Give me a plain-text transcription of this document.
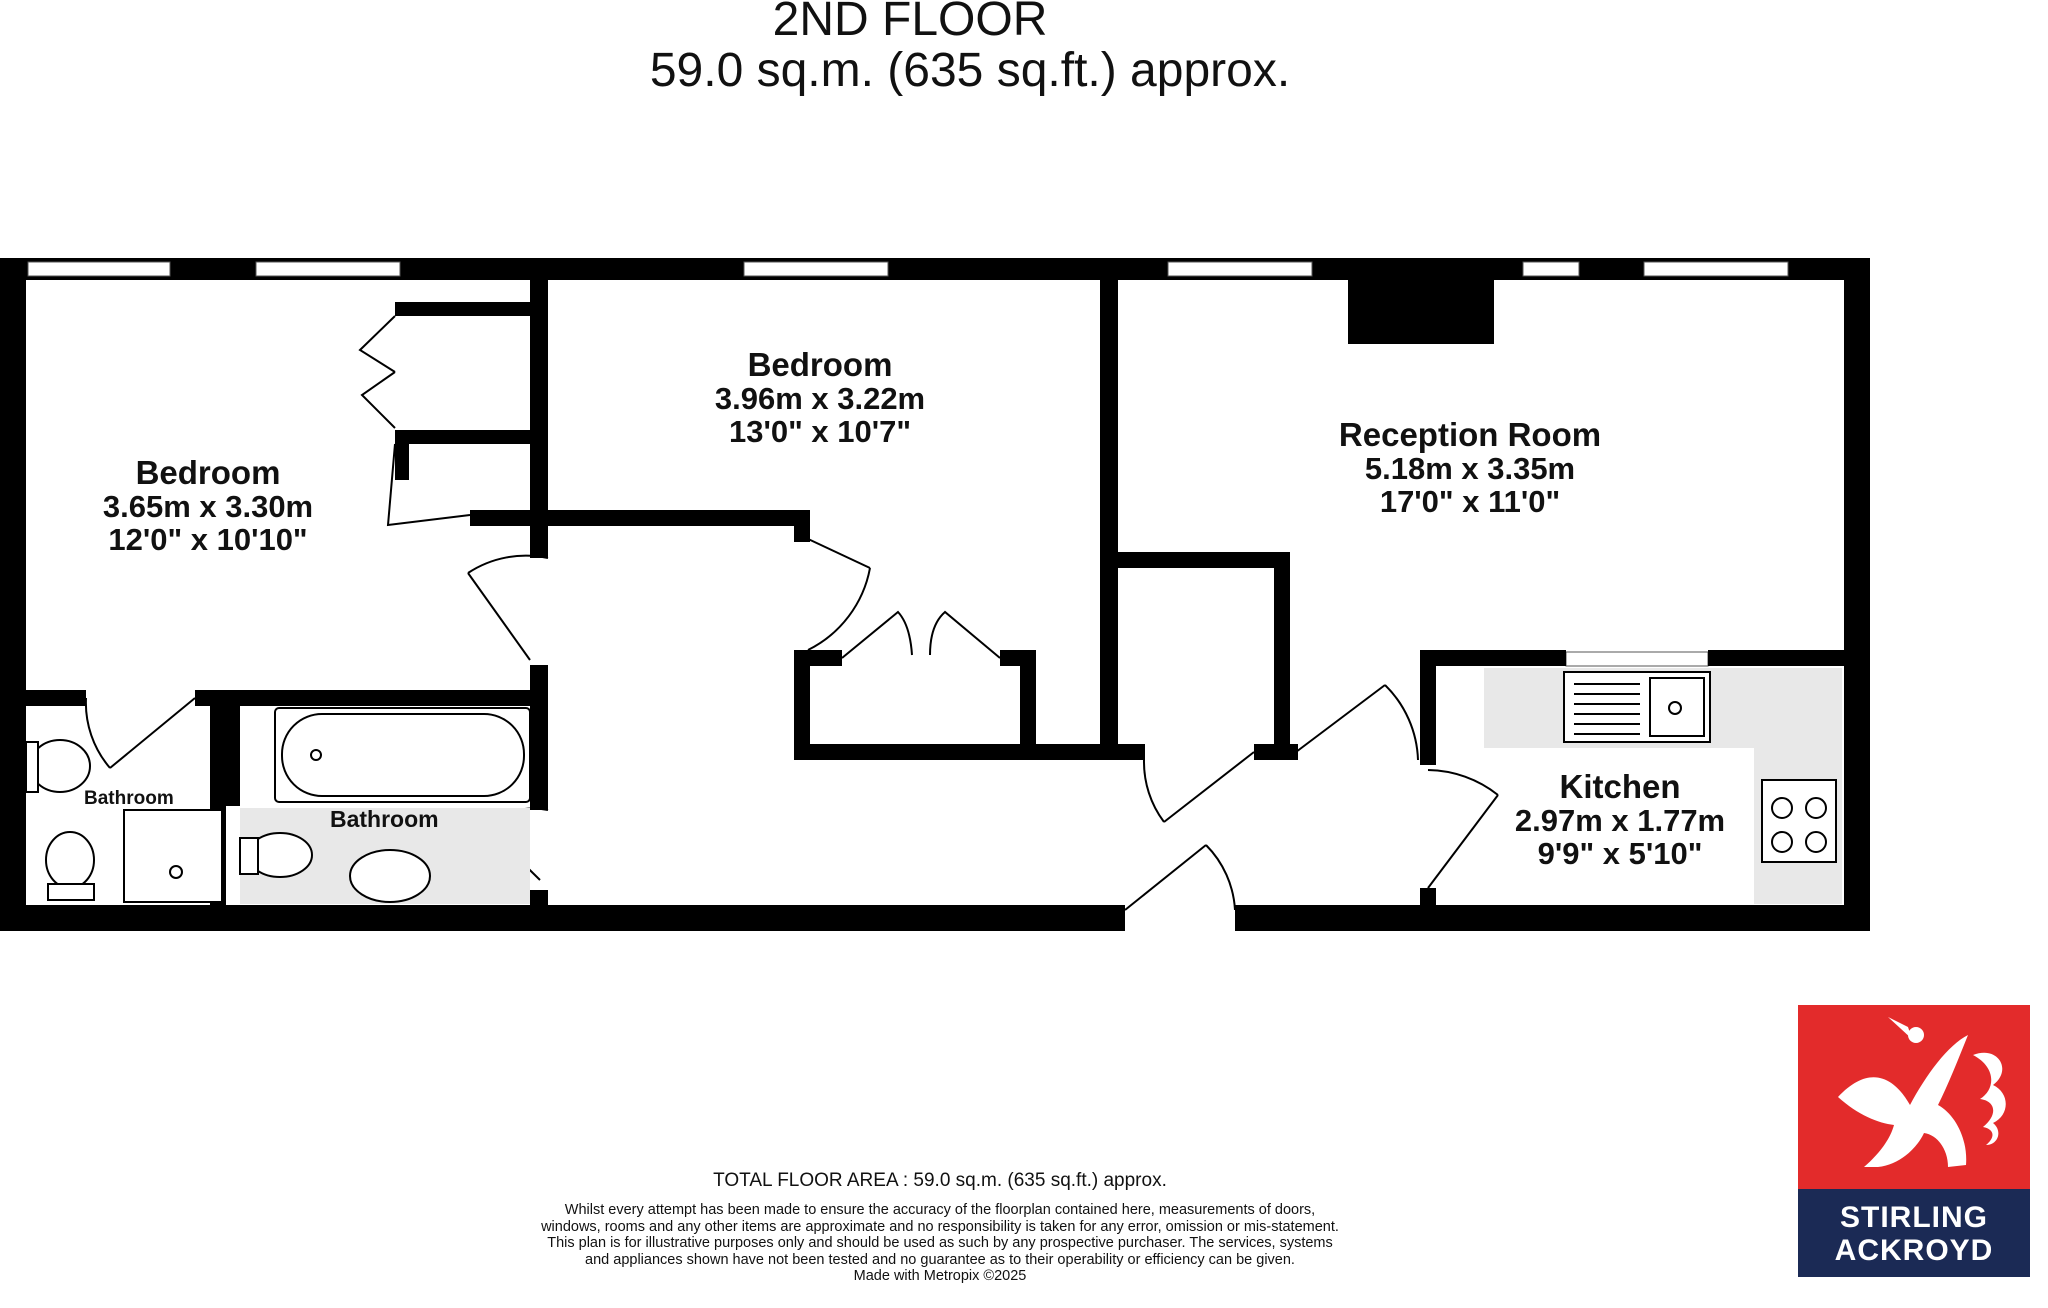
2ND FLOOR
59.0 sq.m. (635 sq.ft.) approx.
Bedroom
3.65m x 3.30m
12'0" x 10'10"
Bedroom
3.96m x 3.22m
13'0" x 10'7"	Reception Room
5.18m x 3.35m
17'0" x 11'0"
Kitchen
2.97m x 1.77m
9'9" x 5'10"
Bathroom
Bathroom
TOTAL FLOOR AREA : 59.0 sq.m. (635 sq.ft.) approx.
Whilst every attempt has been made to ensure the accuracy of the floorplan contained here, measurements of doors, windows, rooms and any other items are approximate and no responsibility is taken for any error, omission or mis-statement. This plan is for illustrative purposes only and should be used as such by any prospective purchaser. The services, systems and appliances shown have not been tested and no guarantee as to their operability or efficiency can be given.
Made with Metropix ©2025
STIRLING
ACKROYD
